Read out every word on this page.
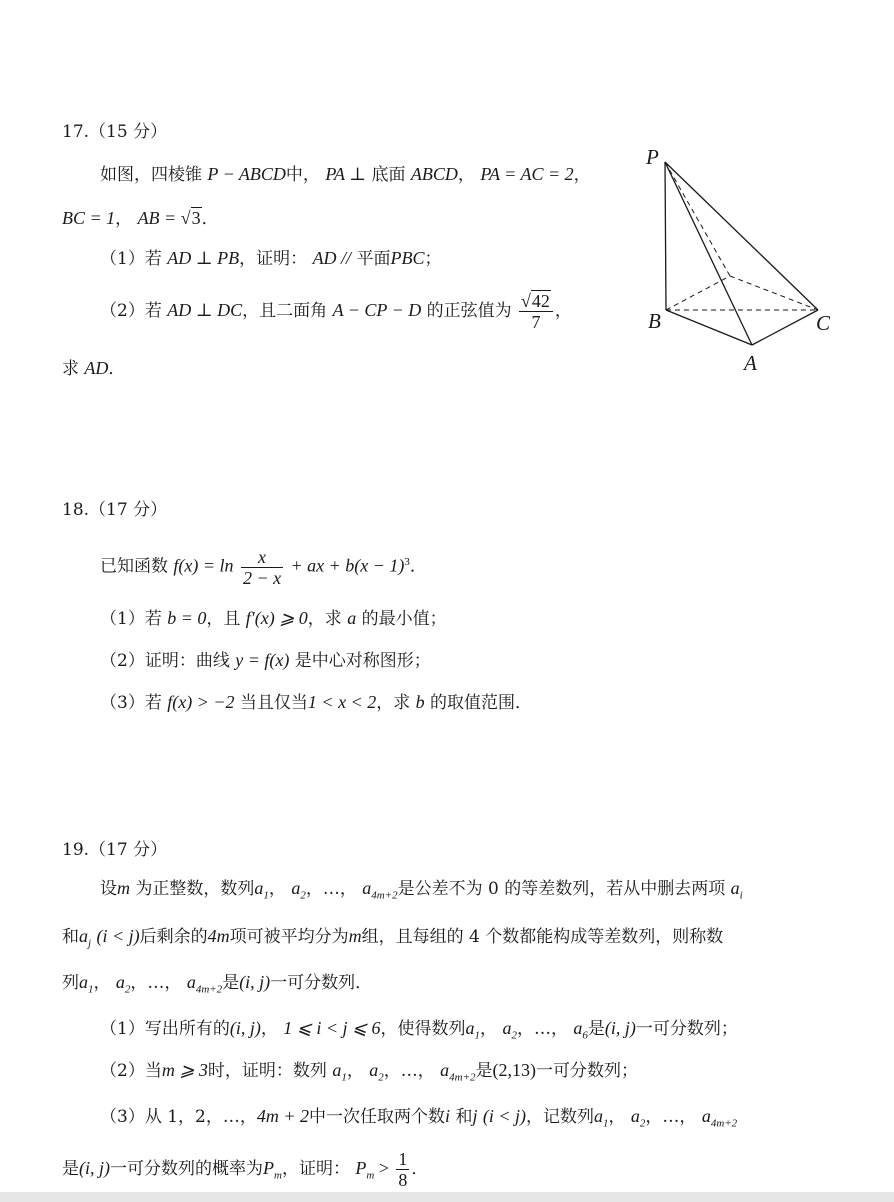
17.（15 分）
如图，四棱锥 P − ABCD中， PA ⊥ 底面 ABCD， PA = AC = 2，
BC = 1， AB = √3．
（1）若 AD ⊥ PB，证明： AD // 平面PBC；
（2）若 AD ⊥ DC，且二面角 A − CP − D 的正弦值为 $\frac{√42}{7}$ ，
求 AD．
P
B	C
A
18.（17 分）
已知函数 $f(x) = \ln \frac{x}{2 - x}$ + ax + $b(x - 1)^3$．
（1）若 b = 0，且 f′(x) ⩾ 0，求 a 的最小值；
（2）证明：曲线 y = f(x) 是中心对称图形；
（3）若 f(x) > −2 当且仅当1 < x < 2，求 b 的取值范围．
19.（17 分）
设m 为正整数，数列$a_1$， $a_2$，…， $a_{4m+2}$是公差不为 0 的等差数列，若从中删去两项 $a_i$
和$a_j$ (i < j)后剩余的4m项可被平均分为m组，且每组的 4 个数都能构成等差数列，则称数
列$a_1$， $a_2$，…， $a_{4m+2}$是(i, j)一可分数列．
（1）写出所有的(i, j)， 1 ⩽ i < j ⩽ 6，使得数列$a_1$， $a_2$，…， $a_6$是(i, j)一可分数列；
（2）当m ⩾ 3时，证明：数列 $a_1$， $a_2$，…， $a_{4m+2}$是(2,13)一可分数列；
（3）从 1，2，…，4m + 2中一次任取两个数i 和j (i < j)，记数列$a_1$， $a_2$，…， $a_{4m+2}$
是(i, j)一可分数列的概率为$P_m$，证明： $P_m > \frac{1}{8}$ ．
